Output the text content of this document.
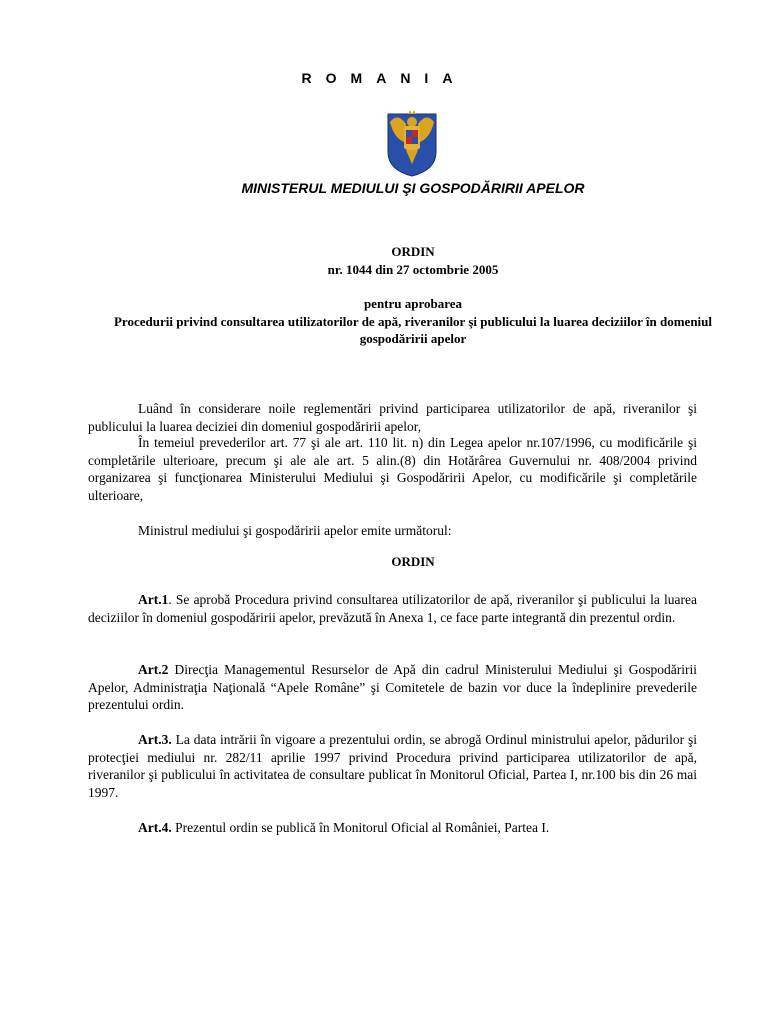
ROMANIA
MINISTERUL MEDIULUI ŞI GOSPODĂRIRII APELOR
ORDIN
nr. 1044 din 27 octombrie 2005
pentru aprobarea
Procedurii privind consultarea utilizatorilor de apă, riveranilor şi publicului la luarea deciziilor în domeniul gospodăririi apelor
Luând în considerare noile reglementări privind participarea utilizatorilor de apă, riveranilor şi publicului la luarea deciziei din domeniul gospodăririi apelor,
În temeiul prevederilor art. 77 şi ale art. 110 lit. n) din Legea apelor nr.107/1996, cu modificările şi completările ulterioare, precum şi ale ale art. 5 alin.(8) din Hotărârea Guvernului nr. 408/2004 privind organizarea şi funcţionarea Ministerului Mediului şi Gospodăririi Apelor, cu modificările şi completările ulterioare,
Ministrul mediului şi gospodăririi apelor emite următorul:
ORDIN
Art.1. Se aprobă Procedura privind consultarea utilizatorilor de apă, riveranilor şi publicului la luarea deciziilor în domeniul gospodăririi apelor, prevăzută în Anexa 1, ce face parte integrantă din prezentul ordin.
Art.2 Direcţia Managementul Resurselor de Apă din cadrul Ministerului Mediului şi Gospodăririi Apelor, Administraţia Naţională “Apele Române” şi Comitetele de bazin vor duce la îndeplinire prevederile prezentului ordin.
Art.3. La data intrării în vigoare a prezentului ordin, se abrogă Ordinul ministrului apelor, pădurilor şi protecţiei mediului nr. 282/11 aprilie 1997 privind Procedura privind participarea utilizatorilor de apă, riveranilor şi publicului în activitatea de consultare publicat în Monitorul Oficial, Partea I, nr.100 bis din 26 mai 1997.
Art.4. Prezentul ordin se publică în Monitorul Oficial al României, Partea I.
